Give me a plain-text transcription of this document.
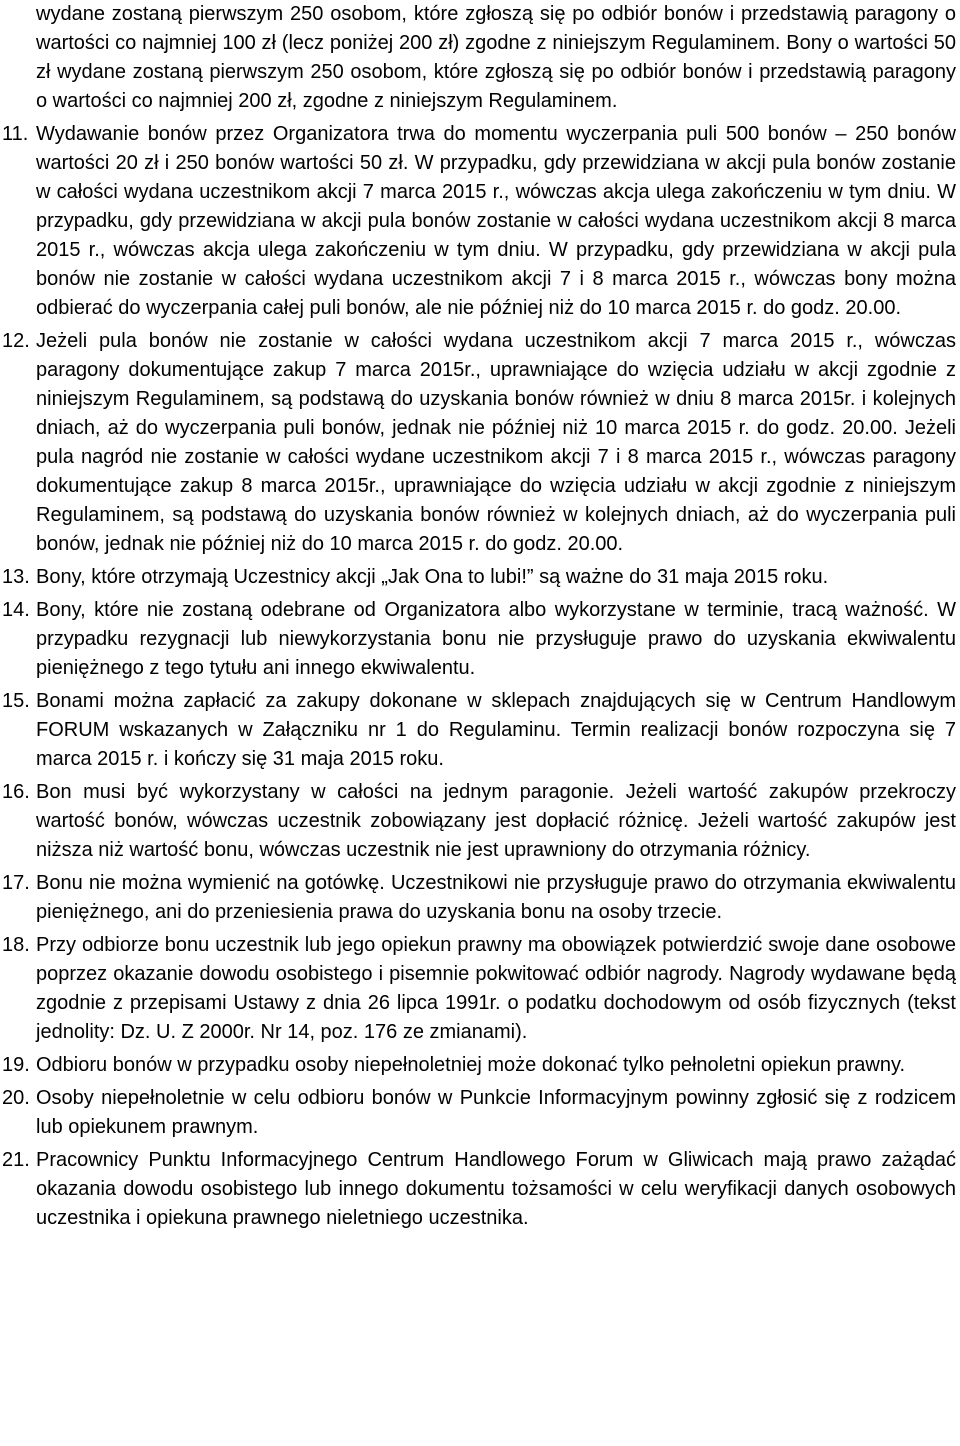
wydane zostaną pierwszym 250 osobom, które zgłoszą się po odbiór bonów i przedstawią paragony o wartości co najmniej 100 zł (lecz poniżej 200 zł) zgodne z niniejszym Regulaminem. Bony o wartości 50 zł wydane zostaną pierwszym 250 osobom, które zgłoszą się po odbiór bonów i przedstawią paragony o wartości co najmniej 200 zł, zgodne z niniejszym Regulaminem.
11. Wydawanie bonów przez Organizatora trwa do momentu wyczerpania puli 500 bonów – 250 bonów wartości 20 zł i 250 bonów wartości 50 zł. W przypadku, gdy przewidziana w akcji pula bonów zostanie w całości wydana uczestnikom akcji 7 marca 2015 r., wówczas akcja ulega zakończeniu w tym dniu. W przypadku, gdy przewidziana w akcji pula bonów zostanie w całości wydana uczestnikom akcji 8 marca 2015 r., wówczas akcja ulega zakończeniu w tym dniu. W przypadku, gdy przewidziana w akcji pula bonów nie zostanie w całości wydana uczestnikom akcji 7 i 8 marca 2015 r., wówczas bony można odbierać do wyczerpania całej puli bonów, ale nie później niż do 10 marca 2015 r. do godz. 20.00.
12. Jeżeli pula bonów nie zostanie w całości wydana uczestnikom akcji 7 marca 2015 r., wówczas paragony dokumentujące zakup 7 marca 2015r., uprawniające do wzięcia udziału w akcji zgodnie z niniejszym Regulaminem, są podstawą do uzyskania bonów również w dniu 8 marca 2015r. i kolejnych dniach, aż do wyczerpania puli bonów, jednak nie później niż 10 marca 2015 r. do godz. 20.00. Jeżeli pula nagród nie zostanie w całości wydane uczestnikom akcji 7 i 8 marca 2015 r., wówczas paragony dokumentujące zakup 8 marca 2015r., uprawniające do wzięcia udziału w akcji zgodnie z niniejszym Regulaminem, są podstawą do uzyskania bonów również w kolejnych dniach, aż do wyczerpania puli bonów, jednak nie później niż do 10 marca 2015 r. do godz. 20.00.
13. Bony, które otrzymają Uczestnicy akcji „Jak Ona to lubi!” są ważne do 31 maja 2015 roku.
14. Bony, które nie zostaną odebrane od Organizatora albo wykorzystane w terminie, tracą ważność. W przypadku rezygnacji lub niewykorzystania bonu nie przysługuje prawo do uzyskania ekwiwalentu pieniężnego z tego tytułu ani innego ekwiwalentu.
15. Bonami można zapłacić za zakupy dokonane w sklepach znajdujących się w Centrum Handlowym FORUM wskazanych w Załączniku nr 1 do Regulaminu. Termin realizacji bonów rozpoczyna się 7 marca 2015 r. i kończy się 31 maja 2015 roku.
16. Bon musi być wykorzystany w całości na jednym paragonie. Jeżeli wartość zakupów przekroczy wartość bonów, wówczas uczestnik zobowiązany jest dopłacić różnicę. Jeżeli wartość zakupów jest niższa niż wartość bonu, wówczas uczestnik nie jest uprawniony do otrzymania różnicy.
17. Bonu nie można wymienić na gotówkę. Uczestnikowi nie przysługuje prawo do otrzymania ekwiwalentu pieniężnego, ani do przeniesienia prawa do uzyskania bonu na osoby trzecie.
18. Przy odbiorze bonu uczestnik lub jego opiekun prawny ma obowiązek potwierdzić swoje dane osobowe poprzez okazanie dowodu osobistego i pisemnie pokwitować odbiór nagrody. Nagrody wydawane będą zgodnie z przepisami Ustawy z dnia 26 lipca 1991r. o podatku dochodowym od osób fizycznych (tekst jednolity: Dz. U. Z 2000r. Nr 14, poz. 176 ze zmianami).
19. Odbioru bonów w przypadku osoby niepełnoletniej może dokonać tylko pełnoletni opiekun prawny.
20. Osoby niepełnoletnie w celu odbioru bonów w Punkcie Informacyjnym powinny zgłosić się z rodzicem lub opiekunem prawnym.
21. Pracownicy Punktu Informacyjnego Centrum Handlowego Forum w Gliwicach mają prawo zażądać okazania dowodu osobistego lub innego dokumentu tożsamości w celu weryfikacji danych osobowych uczestnika i opiekuna prawnego nieletniego uczestnika.
